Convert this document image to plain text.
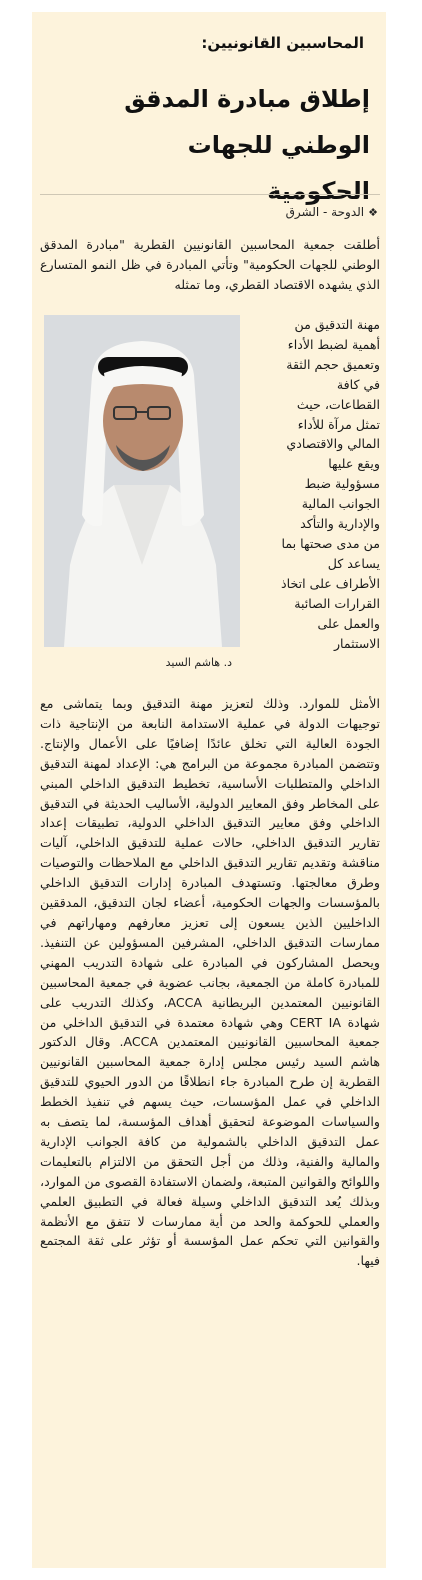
المحاسبين القانونيين:
إطلاق مبادرة المدقق الوطني للجهات الحكومية
❖الدوحة - الشرق
أطلقت جمعية المحاسبين القانونيين القطرية "مبادرة المدقق الوطني للجهات الحكومية" وتأتي المبادرة في ظل النمو المتسارع الذي يشهده الاقتصاد القطري، وما تمثله
مهنة التدقيق من أهمية لضبط الأداء وتعميق حجم الثقة في كافة القطاعات، حيث تمثل مرآة للأداء المالي والاقتصادي ويقع عليها مسؤولية ضبط الجوانب المالية والإدارية والتأكد من مدى صحتها بما يساعد كل الأطراف على اتخاذ القرارات الصائبة والعمل على الاستثمار
د. هاشم السيد
الأمثل للموارد. وذلك لتعزيز مهنة التدقيق وبما يتماشى مع توجيهات الدولة في عملية الاستدامة النابعة من الإنتاجية ذات الجودة العالية التي تخلق عائدًا إضافيًا على الأعمال والإنتاج. وتتضمن المبادرة مجموعة من البرامج هي: الإعداد لمهنة التدقيق الداخلي والمتطلبات الأساسية، تخطيط التدقيق الداخلي المبني على المخاطر وفق المعايير الدولية، الأساليب الحديثة في التدقيق الداخلي وفق معايير التدقيق الداخلي الدولية، تطبيقات إعداد تقارير التدقيق الداخلي، حالات عملية للتدقيق الداخلي، آليات مناقشة وتقديم تقارير التدقيق الداخلي مع الملاحظات والتوصيات وطرق معالجتها. وتستهدف المبادرة إدارات التدقيق الداخلي بالمؤسسات والجهات الحكومية، أعضاء لجان التدقيق، المدققين الداخليين الذين يسعون إلى تعزيز معارفهم ومهاراتهم في ممارسات التدقيق الداخلي، المشرفين المسؤولين عن التنفيذ. ويحصل المشاركون في المبادرة على شهادة التدريب المهني للمبادرة كاملة من الجمعية، بجانب عضوية في جمعية المحاسبين القانونيين المعتمدين البريطانية ACCA، وكذلك التدريب على شهادة CERT IA وهي شهادة معتمدة في التدقيق الداخلي من جمعية المحاسبين القانونيين المعتمدين ACCA. وقال الدكتور هاشم السيد رئيس مجلس إدارة جمعية المحاسبين القانونيين القطرية إن طرح المبادرة جاء انطلاقًا من الدور الحيوي للتدقيق الداخلي في عمل المؤسسات، حيث يسهم في تنفيذ الخطط والسياسات الموضوعة لتحقيق أهداف المؤسسة، لما يتصف به عمل التدقيق الداخلي بالشمولية من كافة الجوانب الإدارية والمالية والفنية، وذلك من أجل التحقق من الالتزام بالتعليمات واللوائح والقوانين المتبعة، ولضمان الاستفادة القصوى من الموارد، وبذلك يُعد التدقيق الداخلي وسيلة فعالة في التطبيق العلمي والعملي للحوكمة والحد من أية ممارسات لا تتفق مع الأنظمة والقوانين التي تحكم عمل المؤسسة أو تؤثر على ثقة المجتمع فيها.
